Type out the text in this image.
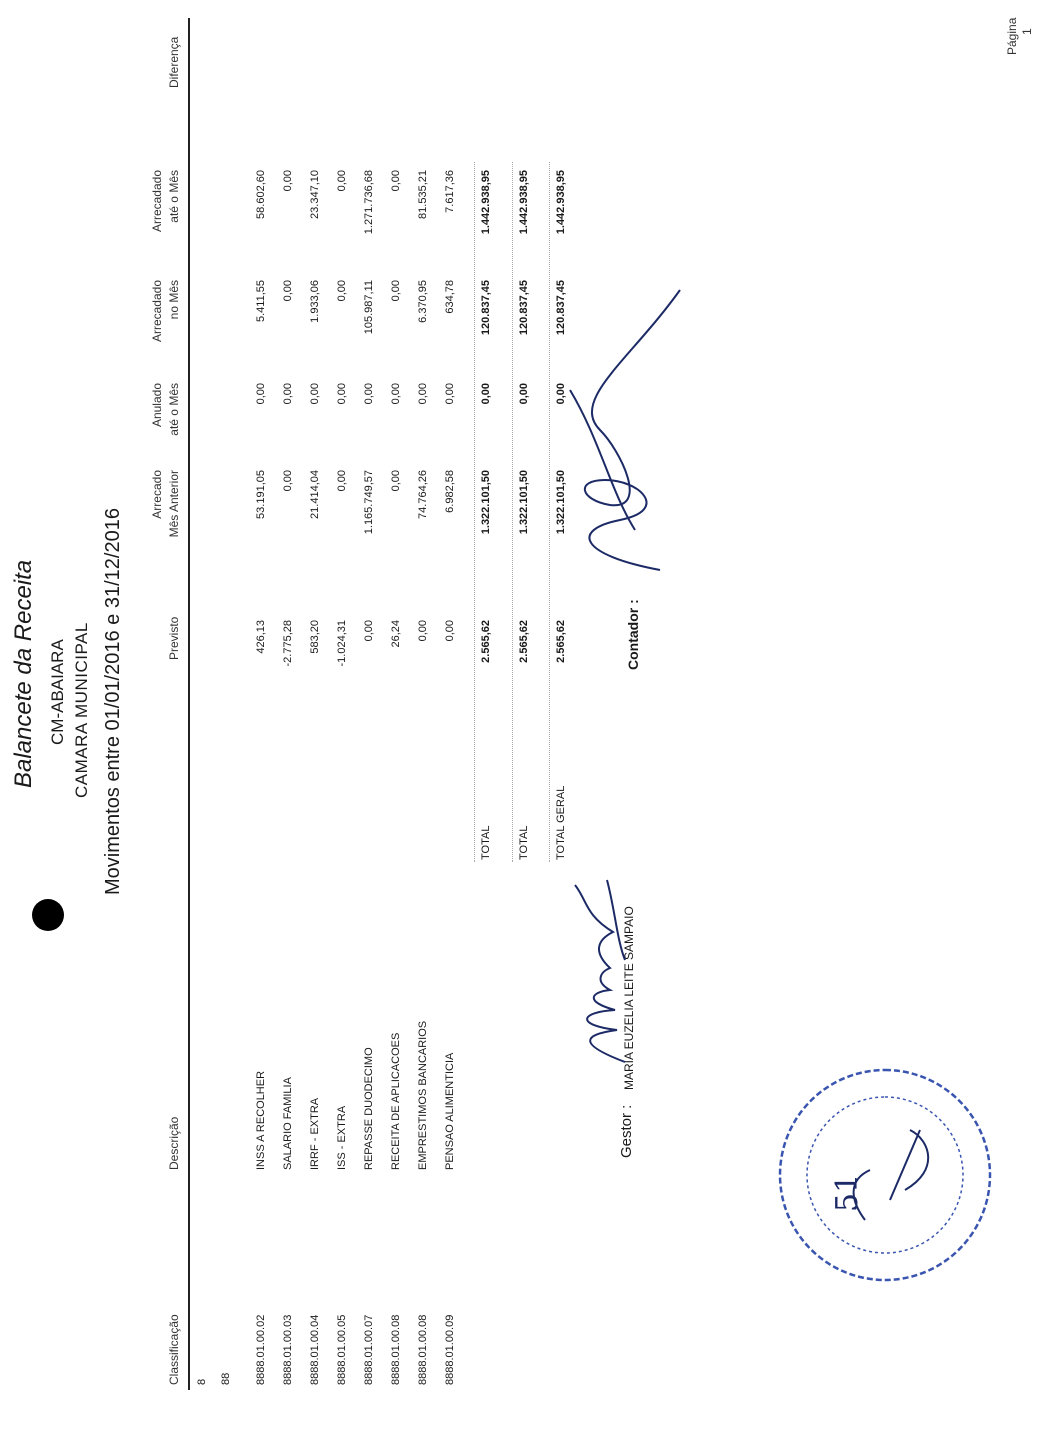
Balancete da Receita CM-ABAIARA CAMARA MUNICIPAL Movimentos entre 01/01/2016 e 31/12/2016
Página 1
Classificação
Descrição
Previsto
Arrecado Mês Anterior
Anulado até o Mês
Arrecadado no Mês
Arrecadado até o Mês
Diferença
8 88 8888.01.00.02
INSS A RECOLHER
426,13
53.191,05
0,00
5.411,55
58.602,60
8888.01.00.03
SALARIO FAMILIA
-2.775,28
0,00
0,00
0,00
0,00
8888.01.00.04
IRRF - EXTRA
583,20
21.414,04
0,00
1.933,06
23.347,10
8888.01.00.05
ISS - EXTRA
-1.024,31
0,00
0,00
0,00
0,00
8888.01.00.07
REPASSE DUODECIMO
0,00
1.165.749,57
0,00
105.987,11
1.271.736,68
8888.01.00.08
RECEITA DE APLICACOES
26,24
0,00
0,00
0,00
0,00
8888.01.00.08
EMPRESTIMOS BANCARIOS
0,00
74.764,26
0,00
6.370,95
81.535,21
8888.01.00.09
PENSAO ALIMENTICIA
0,00
6.982,58
0,00
634,78
7.617,36
TOTAL
2.565,62
1.322.101,50
0,00
120.837,45
1.442.938,95
TOTAL
2.565,62
1.322.101,50
0,00
120.837,45
1.442.938,95
TOTAL GERAL
2.565,62
1.322.101,50
0,00
120.837,45
1.442.938,95
Gestor :
MARIA EUZELIA LEITE SAMPAIO
Contador :
51
